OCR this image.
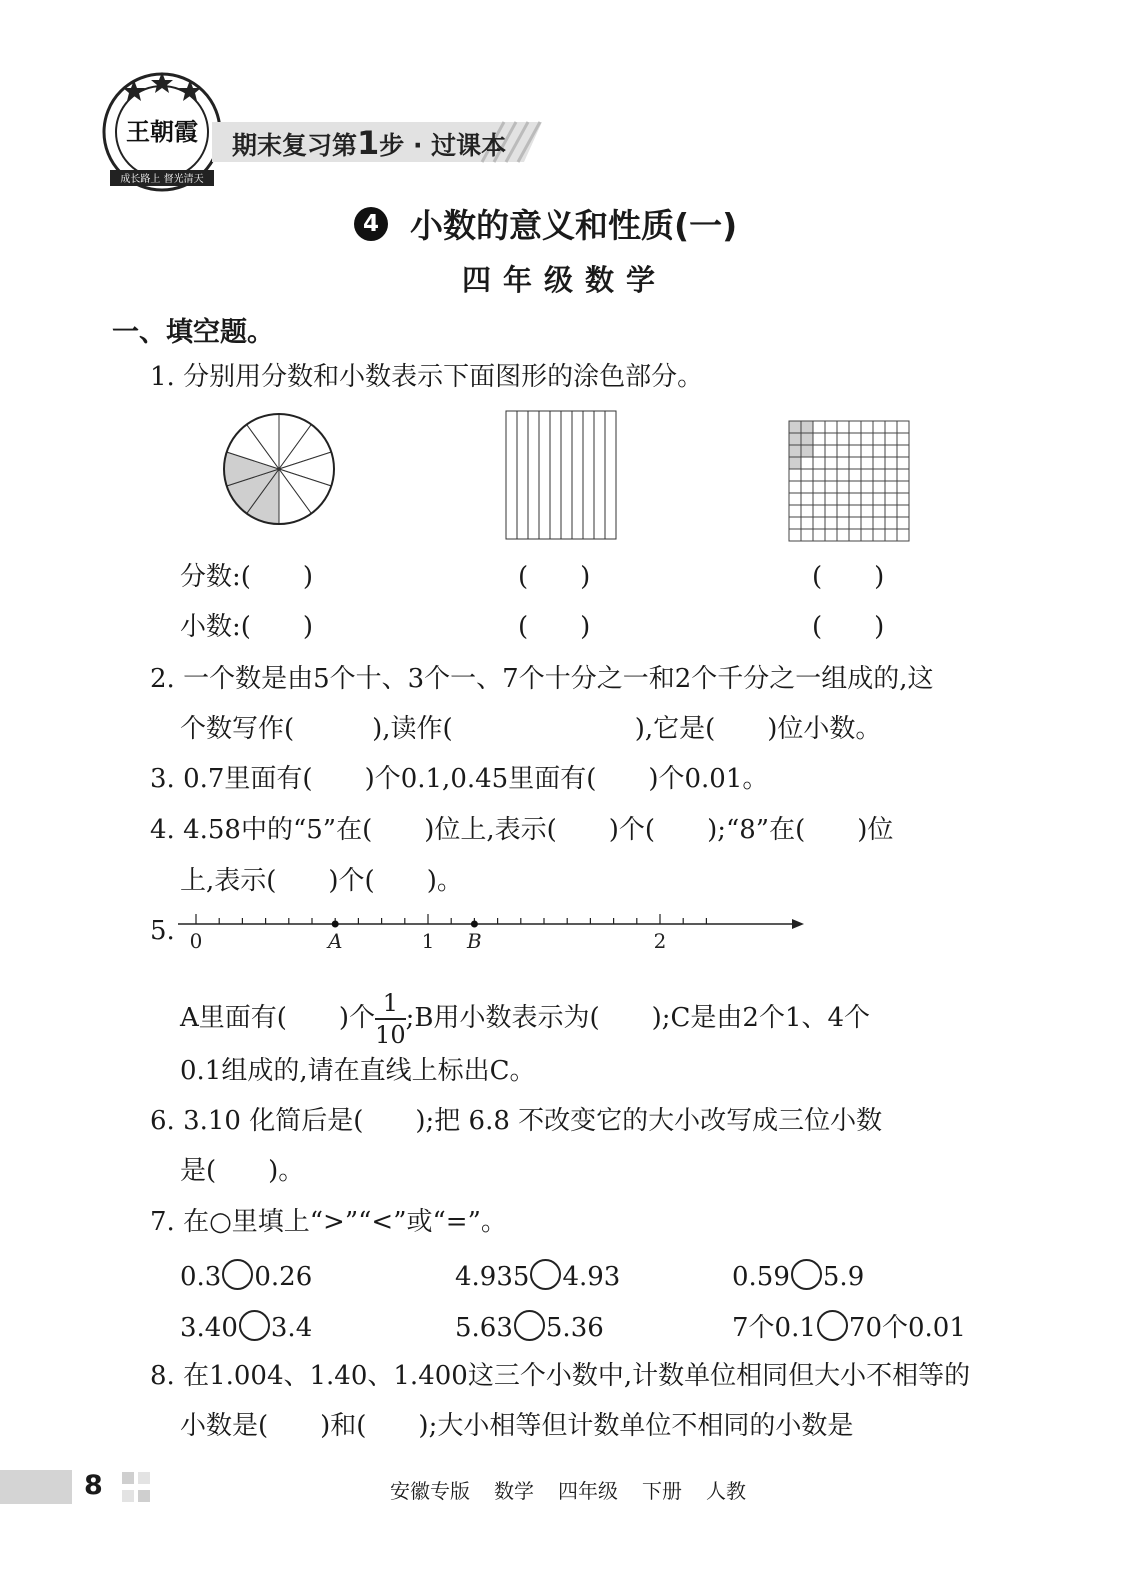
成长路上 督光清天
王朝霞 期末复习第1步 · 过课本
4 小数的意义和性质(一)
四年级数学
一、填空题。
1. 分别用分数和小数表示下面图形的涂色部分。
分数:(　　)	(　　)	(　　)
小数:(　　)	(　　)	(　　)
2. 一个数是由5个十、3个一、7个十分之一和2个千分之一组成的,这
个数写作(　　　),读作(　　　　　　　),它是(　　)位小数。
3. 0.7里面有(　　)个0.1,0.45里面有(　　)个0.01。
4. 4.58中的“5”在(　　)位上,表示(　　)个(　　);“8”在(　　)位
上,表示(　　)个(　　)。
5. 0	A	1 B	2
A里面有(　　)个 $\frac{1}{10}$ ;B用小数表示为(　　);C是由2个1、4个
0.1组成的,请在直线上标出C。
6. 3.10 化简后是(　　);把 6.8 不改变它的大小改写成三位小数
是(　　)。
7. 在○里填上“>”“<”或“=”。
0.3 0.26	4.935 4.93	0.59 5.9
3.40 3.4	5.63 5.36	7个0.1 70个0.01
8. 在1.004、1.40、1.400这三个小数中,计数单位相同但大小不相等的
小数是(　　)和(　　);大小相等但计数单位不相同的小数是
8	安徽专版 数学 四年级 下册 人教
